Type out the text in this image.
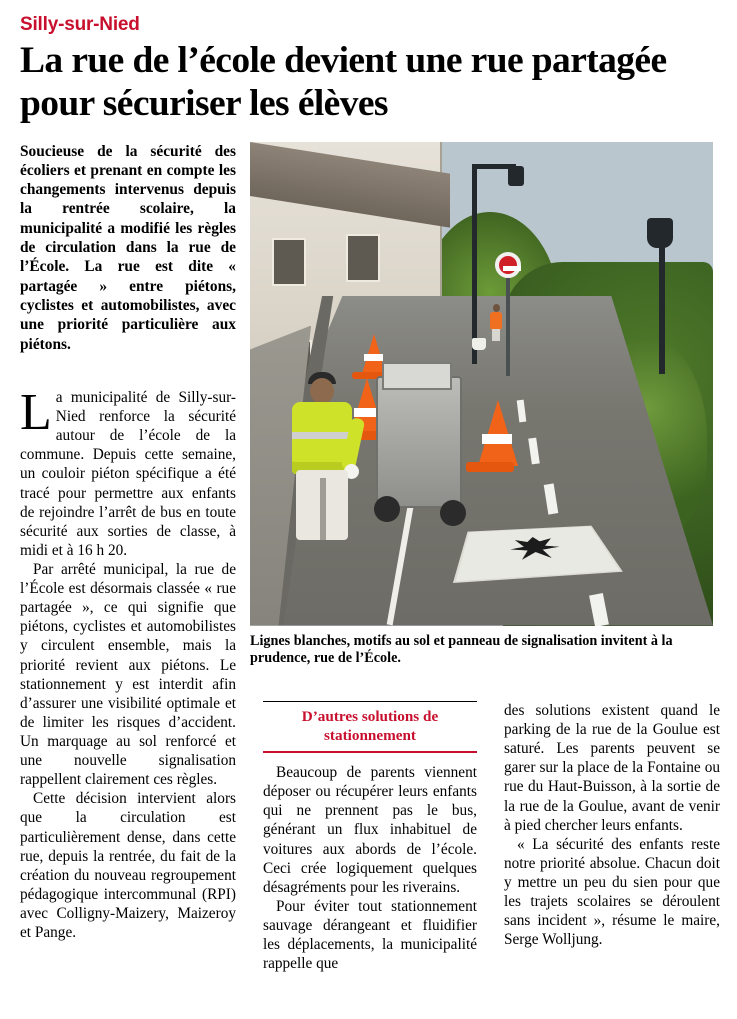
Silly-sur-Nied
La rue de l’école devient une rue partagée pour sécuriser les élèves

Soucieuse de la sécurité des écoliers et prenant en compte les changements intervenus depuis la rentrée scolaire, la municipalité a modifié les règles de circulation dans la rue de l’École. La rue est dite « partagée » entre piétons, cyclistes et automobilistes, avec une priorité particulière aux piétons.

Lignes blanches, motifs au sol et panneau de signalisation invitent à la prudence, rue de l’École.

La municipalité de Silly-sur-Nied renforce la sécurité autour de l’école de la commune. Depuis cette semaine, un couloir piéton spécifique a été tracé pour permettre aux enfants de rejoindre l’arrêt de bus en toute sécurité aux sorties de classe, à midi et à 16 h 20.

Par arrêté municipal, la rue de l’École est désormais classée « rue partagée », ce qui signifie que piétons, cyclistes et automobilistes y circulent ensemble, mais la priorité revient aux piétons. Le stationnement y est interdit afin d’assurer une visibilité optimale et de limiter les risques d’accident. Un marquage au sol renforcé et une nouvelle signalisation rappellent clairement ces règles.

Cette décision intervient alors que la circulation est particulièrement dense, dans cette rue, depuis la rentrée, du fait de la création du nouveau regroupement pédagogique intercommunal (RPI) avec Colligny-Maizery, Maizeroy et Pange.

D’autres solutions de stationnement

Beaucoup de parents viennent déposer ou récupérer leurs enfants qui ne prennent pas le bus, générant un flux inhabituel de voitures aux abords de l’école. Ceci crée logiquement quelques désagréments pour les riverains.

Pour éviter tout stationnement sauvage dérangeant et fluidifier les déplacements, la municipalité rappelle que

des solutions existent quand le parking de la rue de la Goulue est saturé. Les parents peuvent se garer sur la place de la Fontaine ou rue du Haut-Buisson, à la sortie de la rue de la Goulue, avant de venir à pied chercher leurs enfants.

« La sécurité des enfants reste notre priorité absolue. Chacun doit y mettre un peu du sien pour que les trajets scolaires se déroulent sans incident », résume le maire, Serge Wolljung.
